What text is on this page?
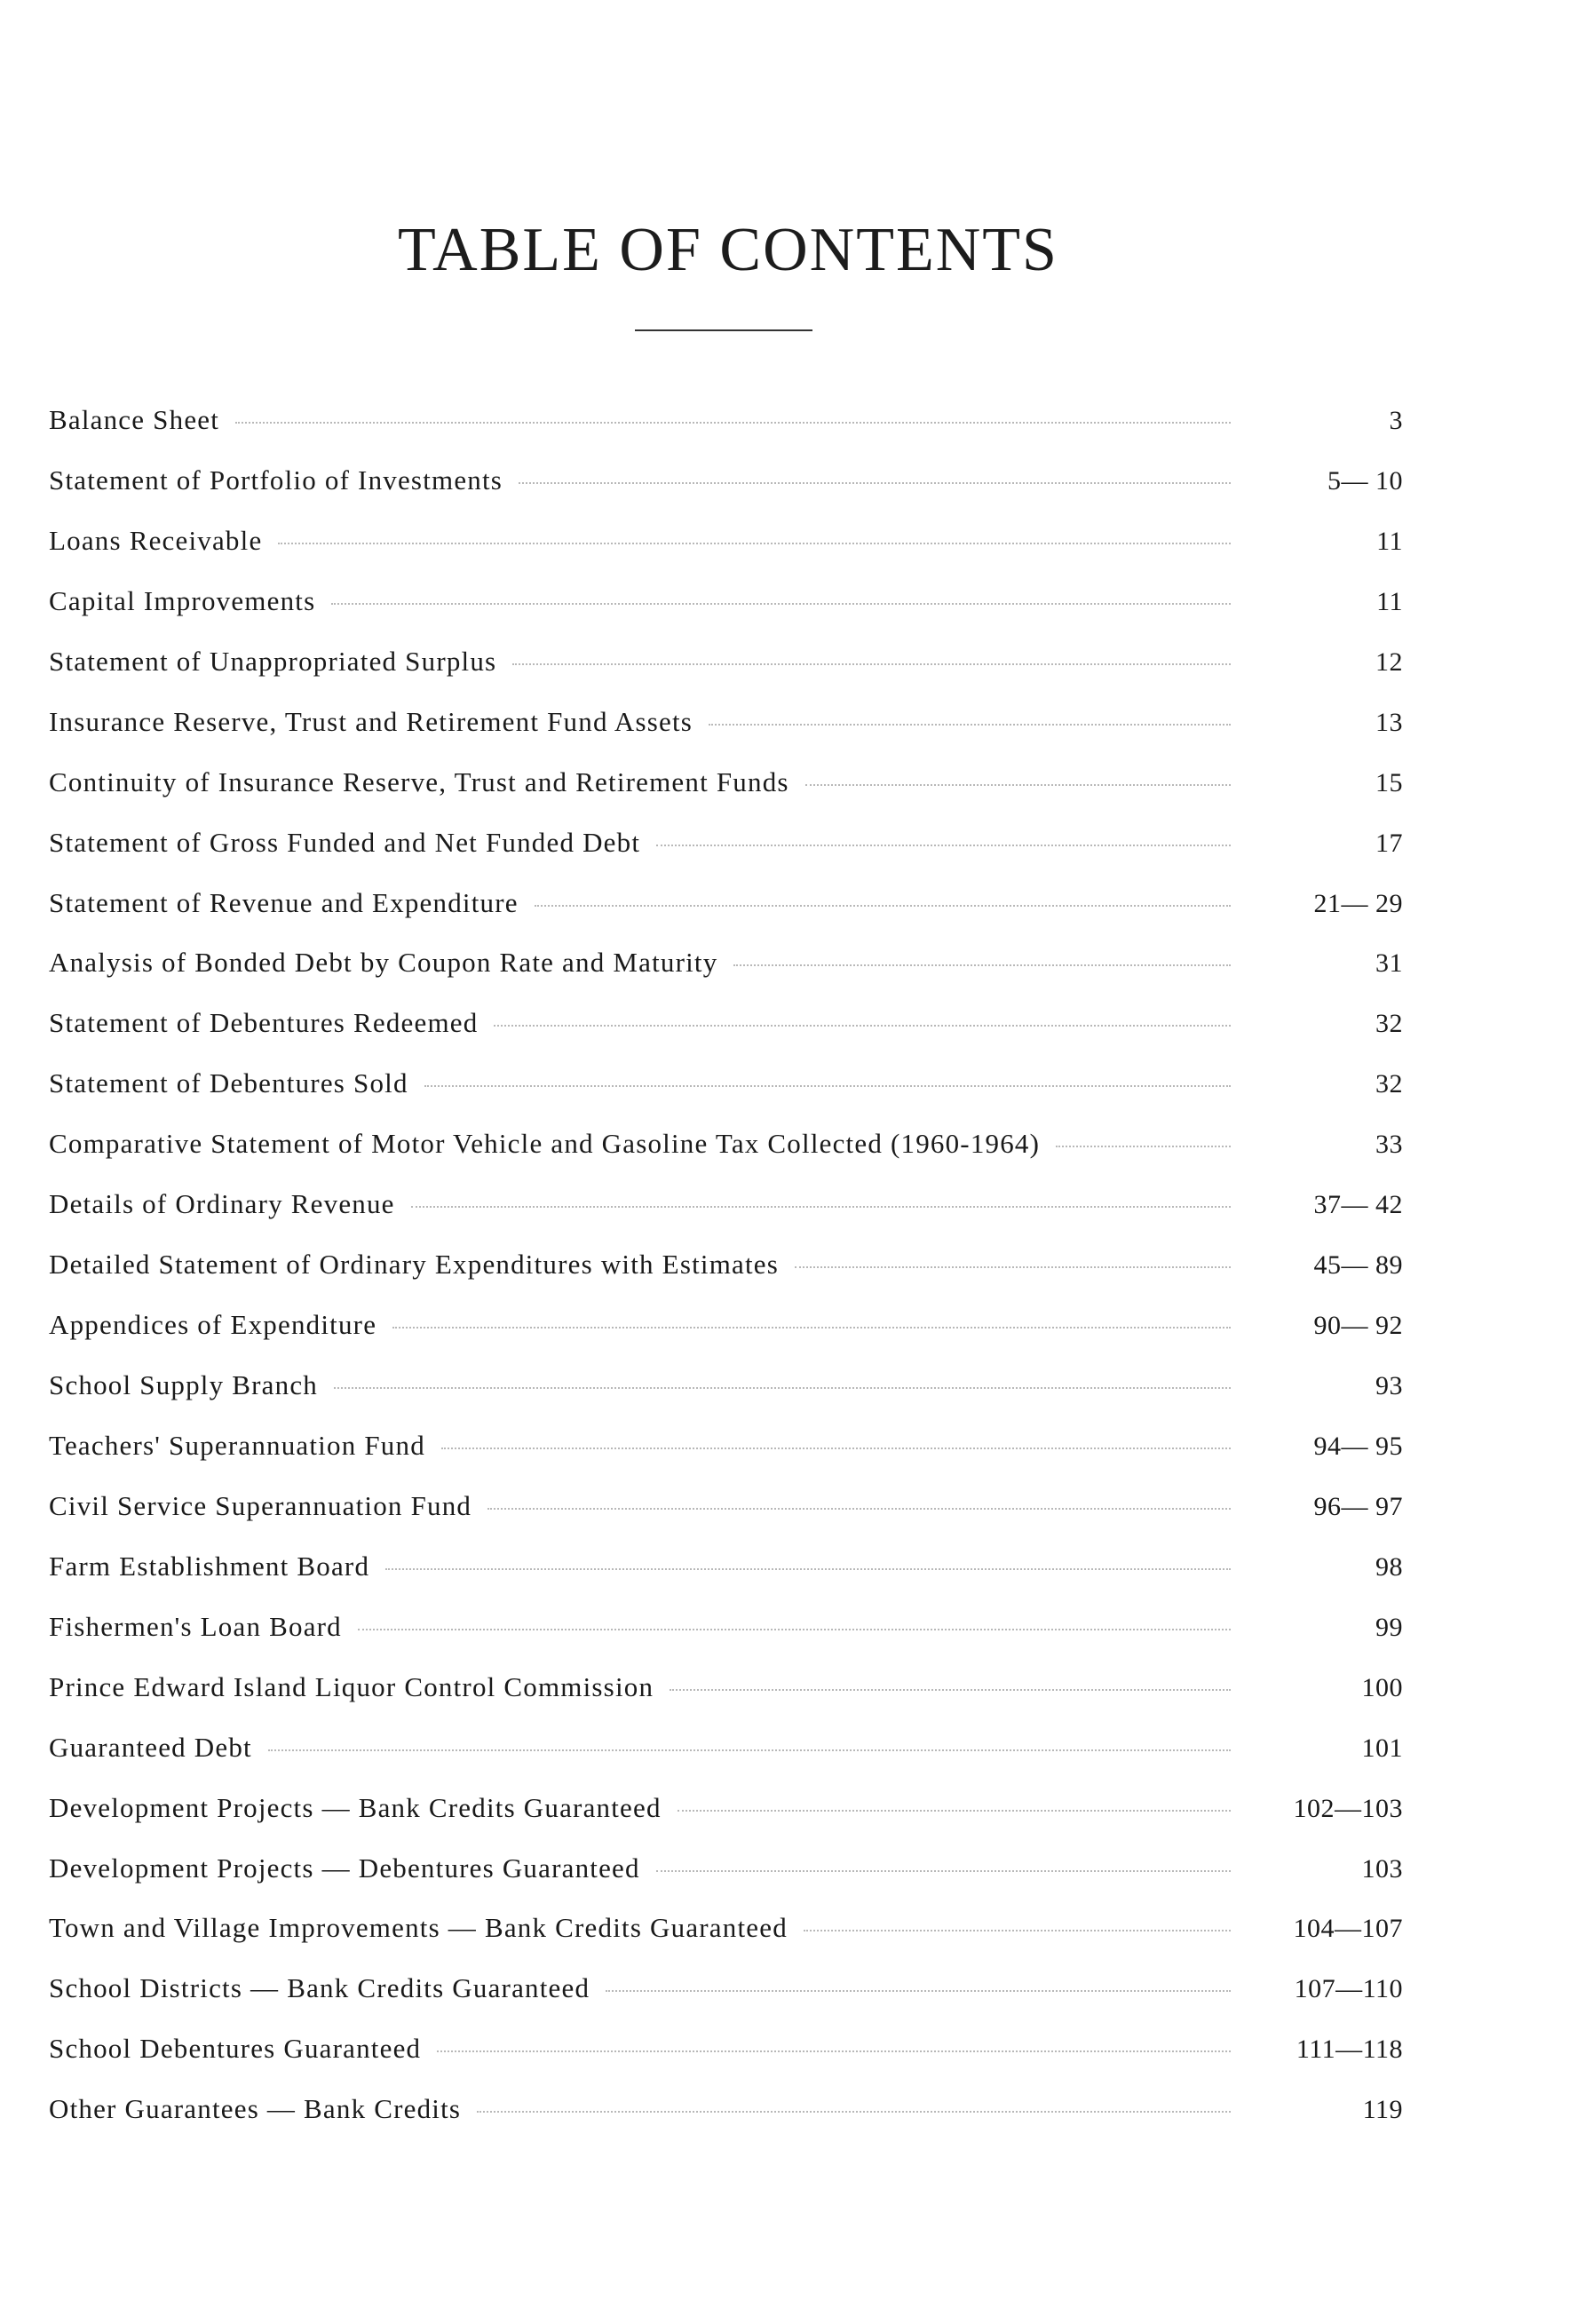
TABLE OF CONTENTS
Balance Sheet	3
Statement of Portfolio of Investments	5— 10
Loans Receivable	11
Capital Improvements	11
Statement of Unappropriated Surplus	12
Insurance Reserve, Trust and Retirement Fund Assets	13
Continuity of Insurance Reserve, Trust and Retirement Funds	15
Statement of Gross Funded and Net Funded Debt	17
Statement of Revenue and Expenditure	21— 29
Analysis of Bonded Debt by Coupon Rate and Maturity	31
Statement of Debentures Redeemed	32
Statement of Debentures Sold	32
Comparative Statement of Motor Vehicle and Gasoline Tax Collected (1960-1964)	33
Details of Ordinary Revenue	37— 42
Detailed Statement of Ordinary Expenditures with Estimates	45— 89
Appendices of Expenditure	90— 92
School Supply Branch	93
Teachers' Superannuation Fund	94— 95
Civil Service Superannuation Fund	96— 97
Farm Establishment Board	98
Fishermen's Loan Board	99
Prince Edward Island Liquor Control Commission	100
Guaranteed Debt	101
Development Projects — Bank Credits Guaranteed	102—103
Development Projects — Debentures Guaranteed	103
Town and Village Improvements — Bank Credits Guaranteed	104—107
School Districts — Bank Credits Guaranteed	107—110
School Debentures Guaranteed	111—118
Other Guarantees — Bank Credits	119
